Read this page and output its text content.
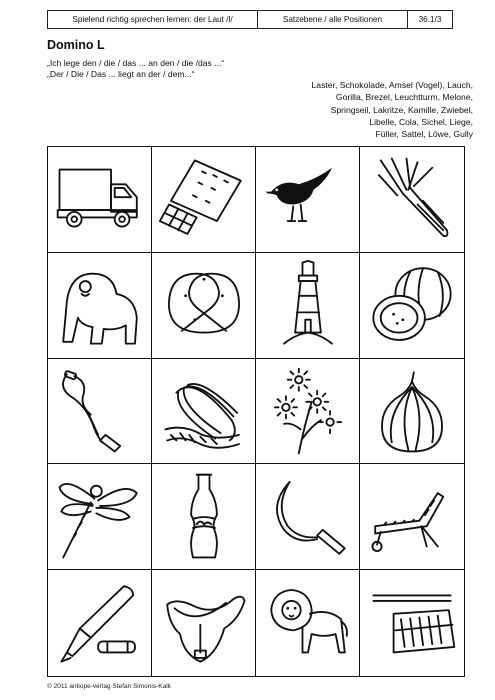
Spielend richtig sprechen lernen: der Laut /l/	Satzebene / alle Positionen	36.1/3
Domino L
„Ich lege den / die / das ... an den / die /das ...“
„Der / Die / Das ... liegt an der / dem...“
Laster, Schokolade, Amsel (Vogel), Lauch,
Gorilla, Brezel, Leuchtturm, Melone,
Springseil, Lakritze, Kamille, Zwiebel,
Libelle, Cola, Sichel, Liege,
Füller, Sattel, Löwe, Gully
© 2011 antiope-verlag Stefan Simonis-Kalk
